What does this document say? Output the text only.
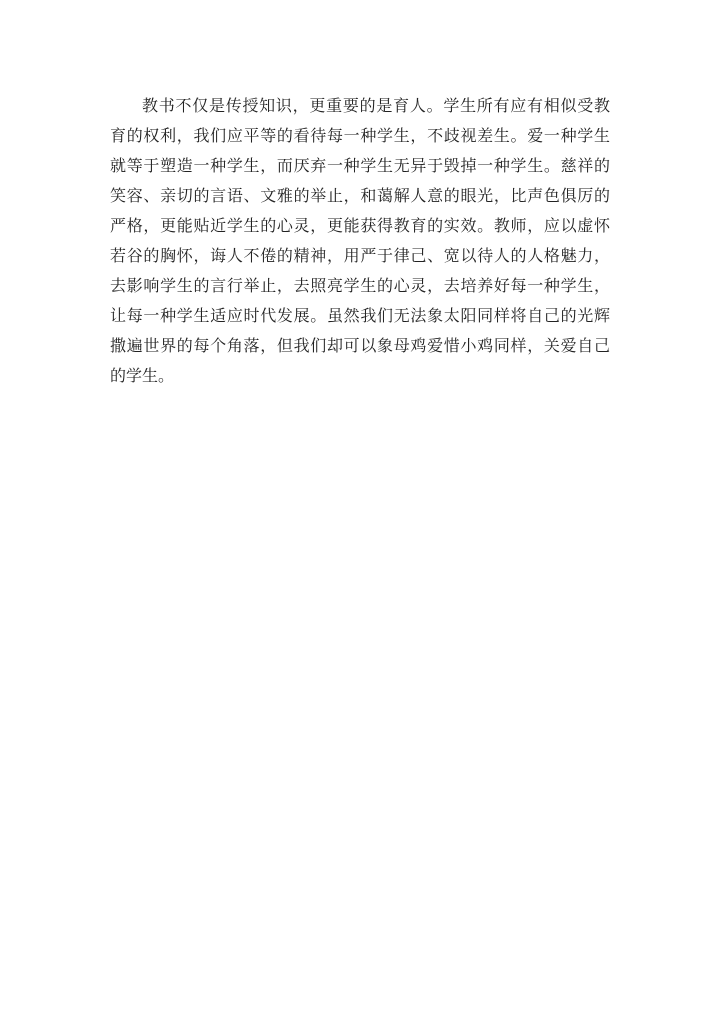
教书不仅是传授知识，更重要的是育人。学生所有应有相似受教
育的权利，我们应平等的看待每一种学生，不歧视差生。爱一种学生
就等于塑造一种学生，而厌弃一种学生无异于毁掉一种学生。慈祥的
笑容、亲切的言语、文雅的举止，和蔼解人意的眼光，比声色俱厉的
严格，更能贴近学生的心灵，更能获得教育的实效。教师，应以虚怀
若谷的胸怀，诲人不倦的精神，用严于律己、宽以待人的人格魅力，
去影响学生的言行举止，去照亮学生的心灵，去培养好每一种学生，
让每一种学生适应时代发展。虽然我们无法象太阳同样将自己的光辉
撒遍世界的每个角落，但我们却可以象母鸡爱惜小鸡同样，关爱自己
的学生。
